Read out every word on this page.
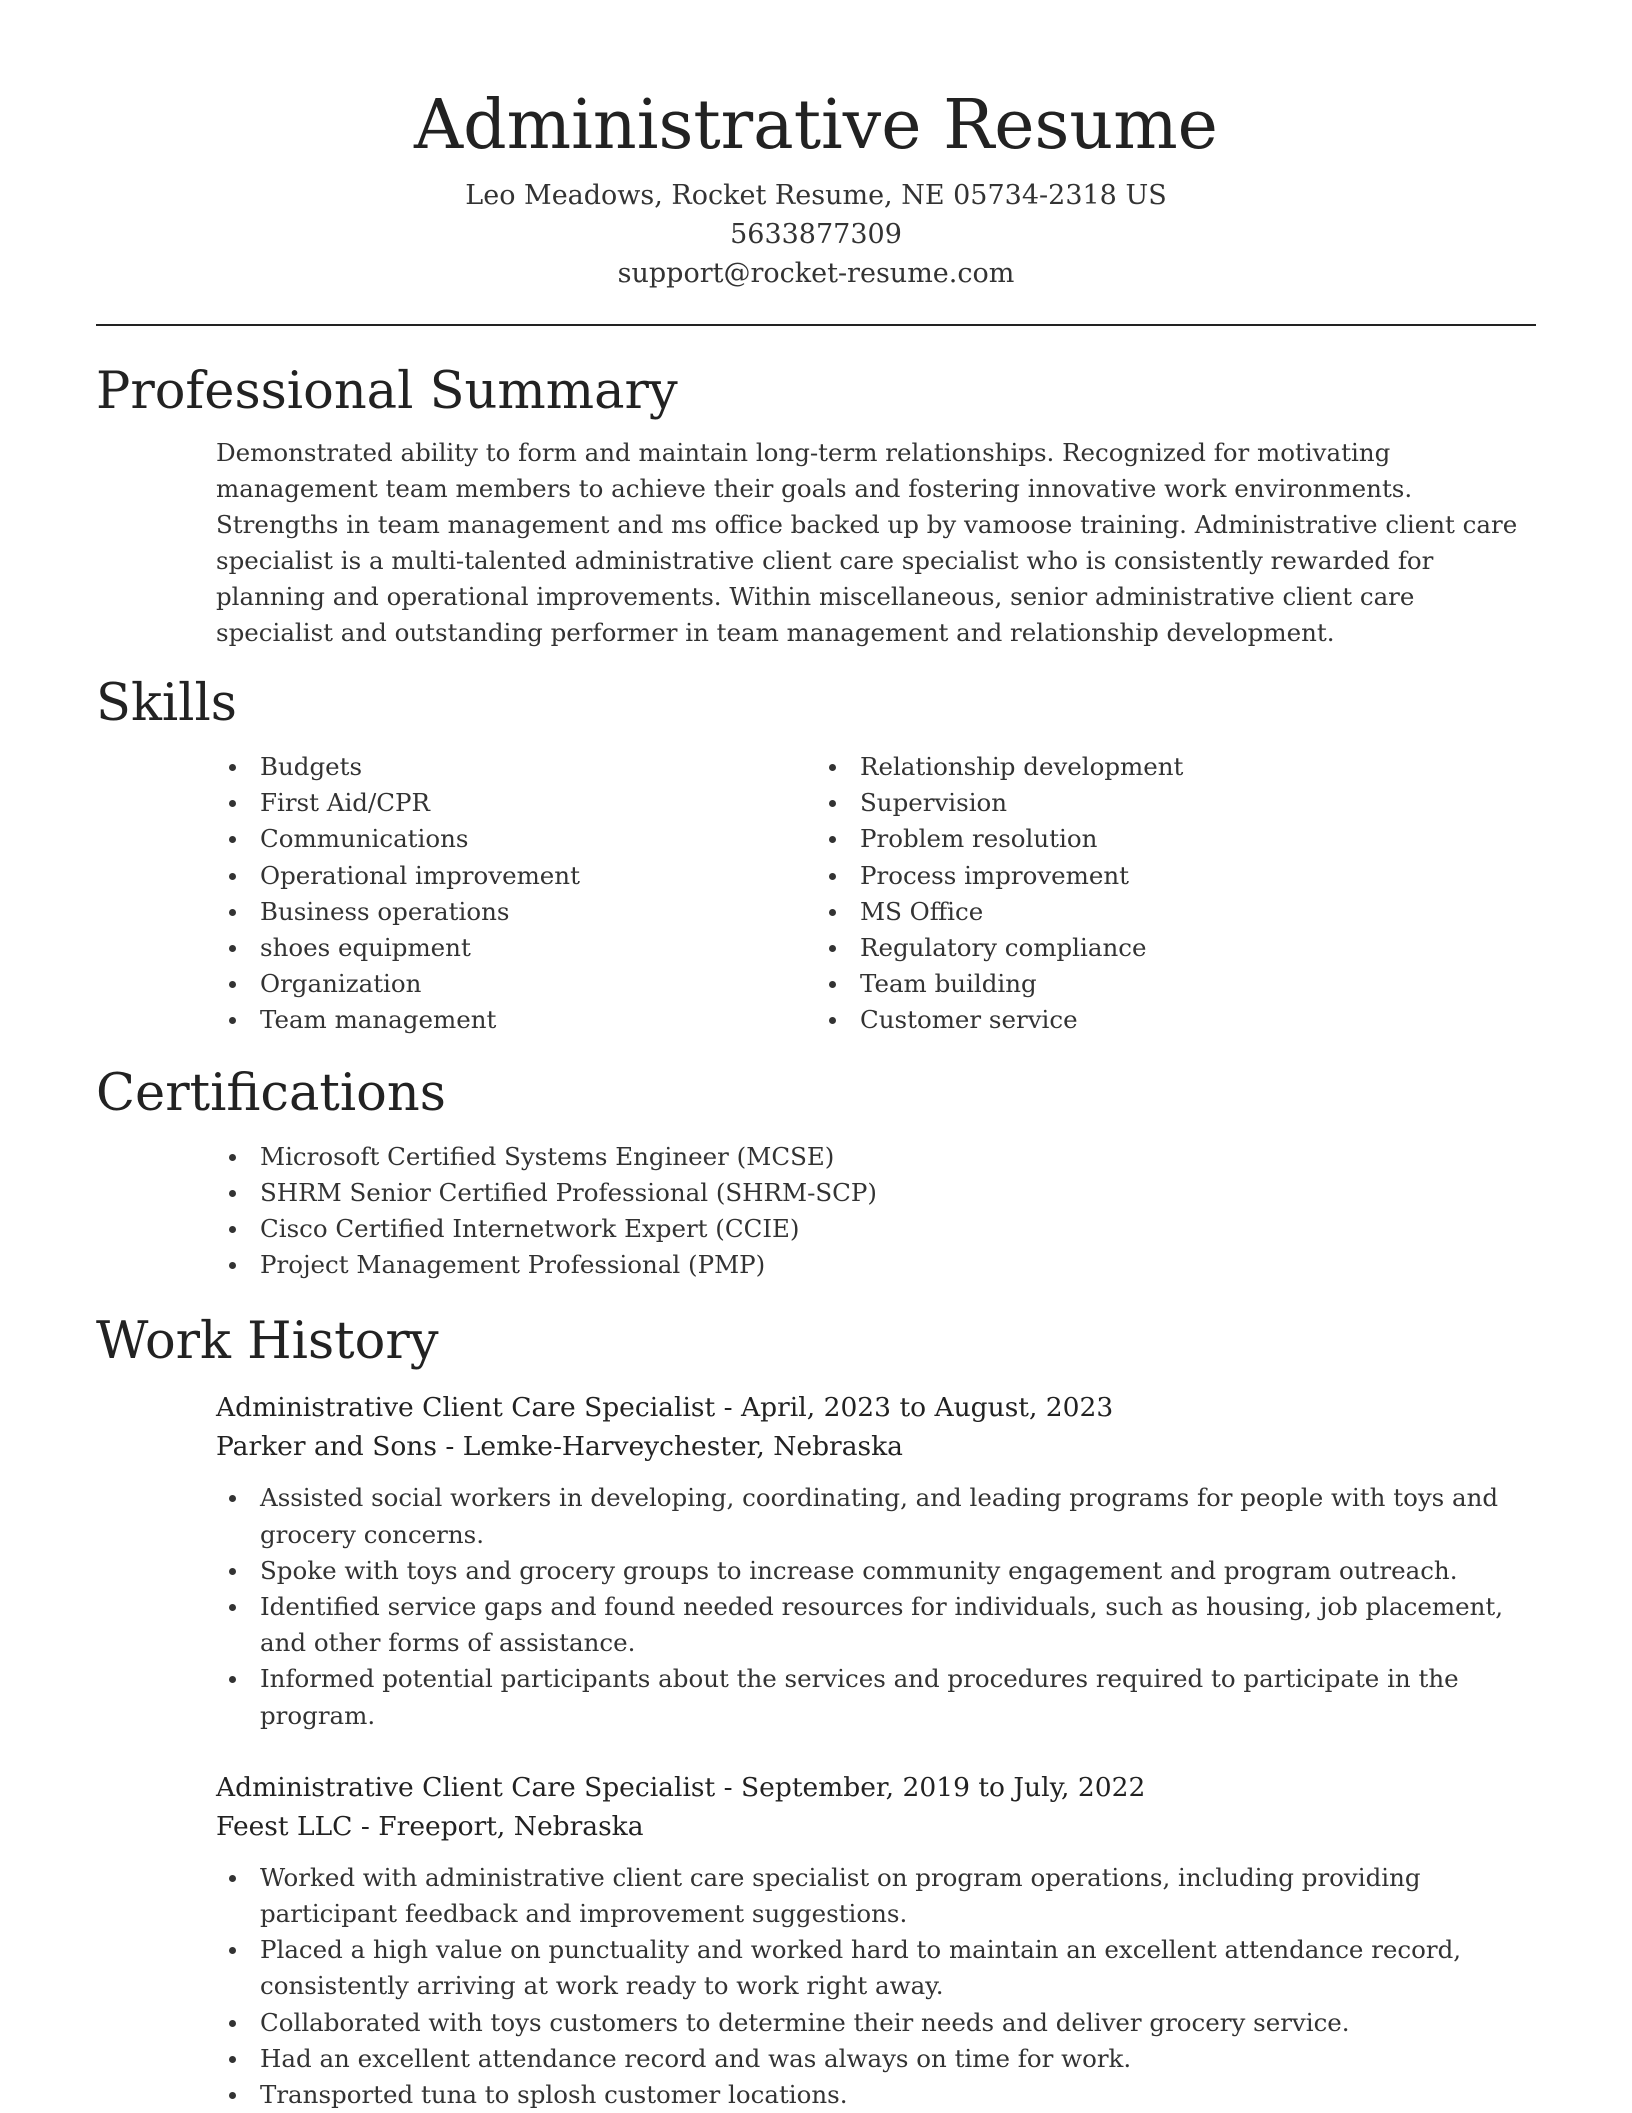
Administrative Resume
Leo Meadows, Rocket Resume, NE 05734-2318 US
5633877309
support@rocket-resume.com
Professional Summary

Demonstrated ability to form and maintain long-term relationships. Recognized for motivating management team members to achieve their goals and fostering innovative work environments. Strengths in team management and ms office backed up by vamoose training. Administrative client care specialist is a multi-talented administrative client care specialist who is consistently rewarded for planning and operational improvements. Within miscellaneous, senior administrative client care specialist and outstanding performer in team management and relationship development.

Skills
Budgets
First Aid/CPR
Communications
Operational improvement
Business operations
shoes equipment
Organization
Team management
Relationship development
Supervision
Problem resolution
Process improvement
MS Office
Regulatory compliance
Team building
Customer service
Certifications
Microsoft Certified Systems Engineer (MCSE)
SHRM Senior Certified Professional (SHRM-SCP)
Cisco Certified Internetwork Expert (CCIE)
Project Management Professional (PMP)
Work History
Administrative Client Care Specialist - April, 2023 to August, 2023
Parker and Sons - Lemke-Harveychester, Nebraska
Assisted social workers in developing, coordinating, and leading programs for people with toys and grocery concerns.
Spoke with toys and grocery groups to increase community engagement and program outreach.
Identified service gaps and found needed resources for individuals, such as housing, job placement, and other forms of assistance.
Informed potential participants about the services and procedures required to participate in the program.
Administrative Client Care Specialist - September, 2019 to July, 2022
Feest LLC - Freeport, Nebraska
Worked with administrative client care specialist on program operations, including providing participant feedback and improvement suggestions.
Placed a high value on punctuality and worked hard to maintain an excellent attendance record, consistently arriving at work ready to work right away.
Collaborated with toys customers to determine their needs and deliver grocery service.
Had an excellent attendance record and was always on time for work.
Transported tuna to splosh customer locations.
